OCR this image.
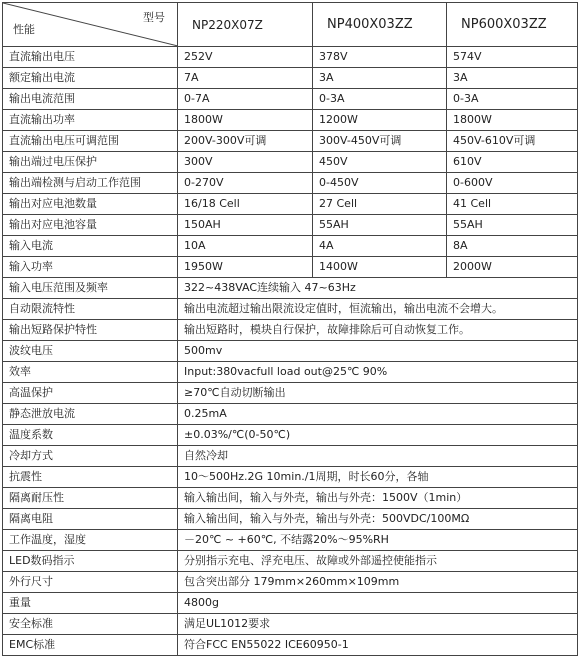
型号
性能	NP220X07Z	NP400X03ZZ	NP600X03ZZ
直流输出电压	252V	378V	574V
额定输出电流	7A	3A	3A
输出电流范围	0-7A	0-3A	0-3A
直流输出功率	1800W	1200W	1800W
直流输出电压可调范围	200V-300V可调	300V-450V可调	450V-610V可调
输出端过电压保护	300V	450V	610V
输出端检测与启动工作范围	0-270V	0-450V	0-600V
输出对应电池数量	16/18 Cell	27 Cell	41 Cell
输出对应电池容量	150AH	55AH	55AH
输入电流	10A	4A	8A
输入功率	1950W	1400W	2000W
输入电压范围及频率	322~438VAC连续输入 47~63Hz		
自动限流特性	输出电流超过输出限流设定值时，恒流输出，输出电流不会增大。		
输出短路保护特性	输出短路时，模块自行保护，故障排除后可自动恢复工作。		
波纹电压	500mv		
效率	Input:380vacfull load out@25℃ 90%		
高温保护	≥70℃自动切断输出		
静态泄放电流	0.25mA		
温度系数	±0.03%/℃(0-50℃)		
冷却方式	自然冷却		
抗震性	10～500Hz.2G 10min./1周期，时长60分，各轴		
隔离耐压性	输入输出间，输入与外壳，输出与外壳：1500V（1min）		
隔离电阻	输入输出间，输入与外壳，输出与外壳：500VDC/100MΩ		
工作温度，湿度	－20℃ ~ +60℃, 不结露20%～95%RH		
LED数码指示	分别指示充电、浮充电压、故障或外部遥控使能指示		
外行尺寸	包含突出部分 179mm×260mm×109mm		
重量	4800g		
安全标准	满足UL1012要求		
EMC标准	符合FCC EN55022 ICE60950-1		
